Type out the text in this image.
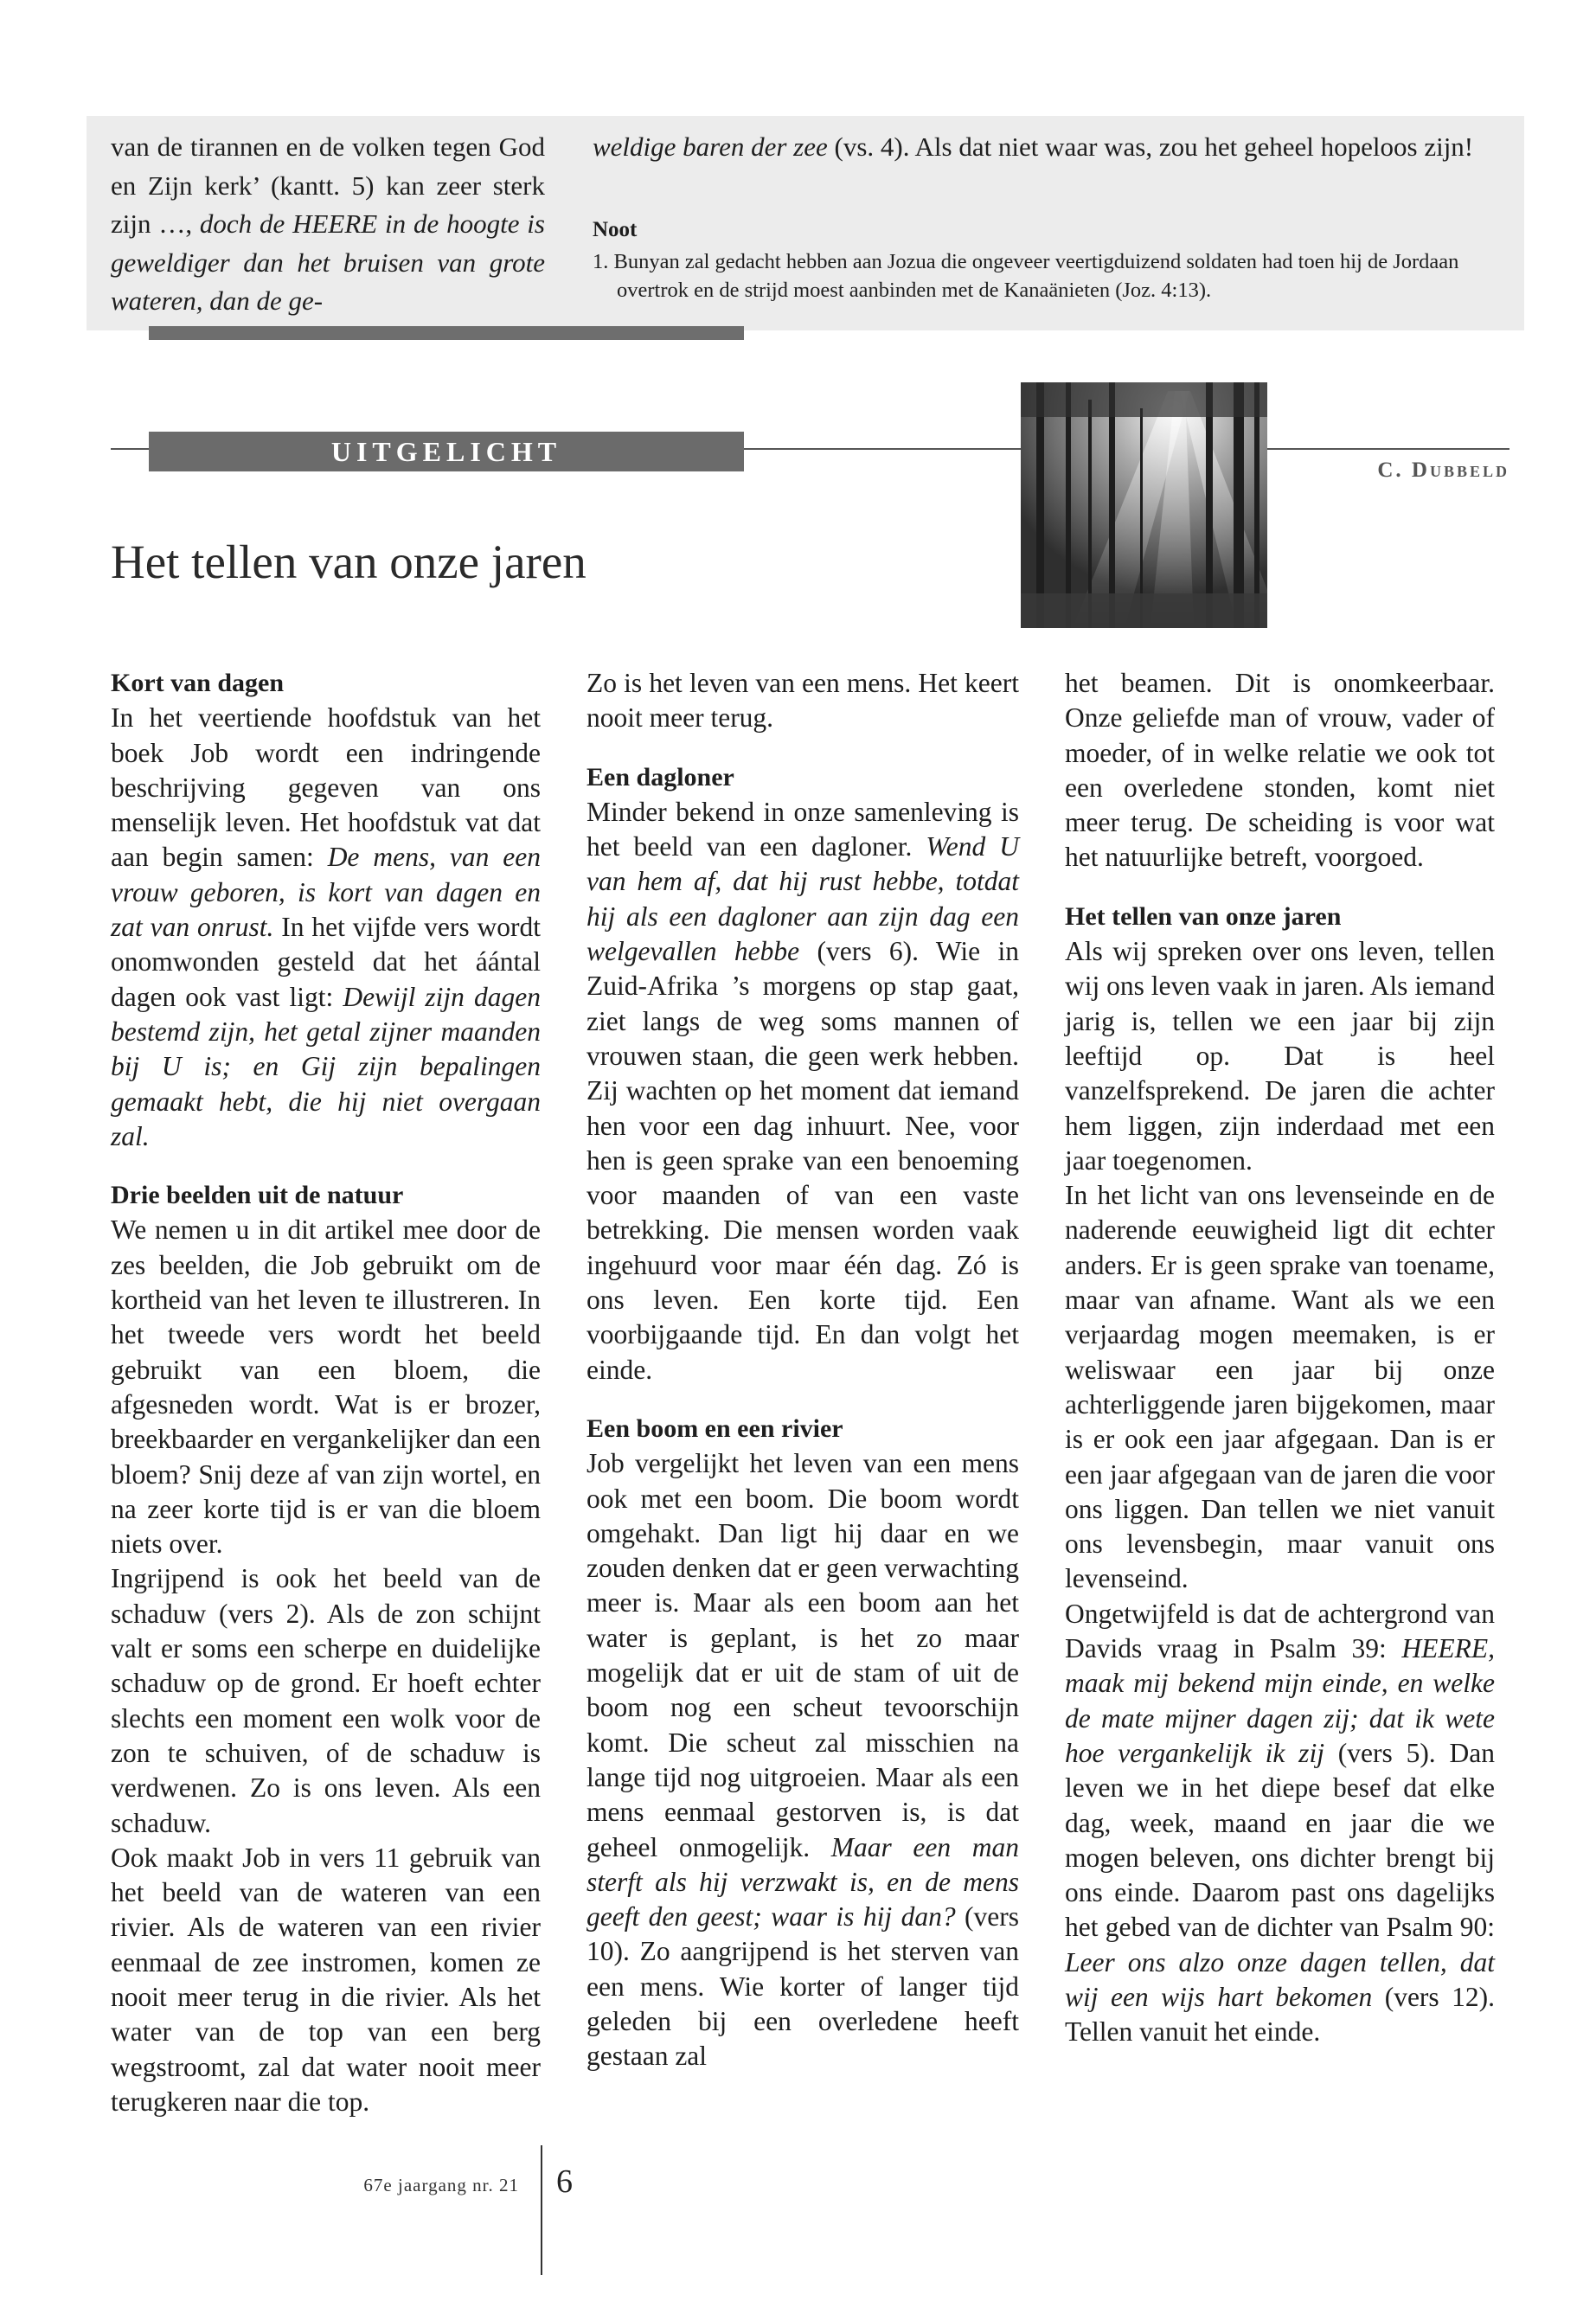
van de tirannen en de volken tegen God en Zijn kerk’ (kantt. 5) kan zeer sterk zijn …, doch de HEERE in de hoogte is geweldiger dan het bruisen van grote wateren, dan de ge-
weldige baren der zee (vs. 4). Als dat niet waar was, zou het geheel hopeloos zijn!
Noot
1. Bunyan zal gedacht hebben aan Jozua die ongeveer veertigduizend soldaten had toen hij de Jordaan overtrok en de strijd moest aanbinden met de Kanaänieten (Joz. 4:13).
UITGELICHT
C. Dubbeld
Het tellen van onze jaren
Kort van dagen

In het veertiende hoofdstuk van het boek Job wordt een indringende beschrijving gegeven van ons menselijk leven. Het hoofdstuk vat dat aan begin samen: De mens, van een vrouw geboren, is kort van dagen en zat van onrust. In het vijfde vers wordt onomwonden gesteld dat het áántal dagen ook vast ligt: Dewijl zijn dagen bestemd zijn, het getal zijner maanden bij U is; en Gij zijn bepalingen gemaakt hebt, die hij niet overgaan zal.

Drie beelden uit de natuur

We nemen u in dit artikel mee door de zes beelden, die Job gebruikt om de kortheid van het leven te illustreren. In het tweede vers wordt het beeld gebruikt van een bloem, die afgesneden wordt. Wat is er brozer, breekbaarder en vergankelijker dan een bloem? Snij deze af van zijn wortel, en na zeer korte tijd is er van die bloem niets over.

Ingrijpend is ook het beeld van de schaduw (vers 2). Als de zon schijnt valt er soms een scherpe en duidelijke schaduw op de grond. Er hoeft echter slechts een moment een wolk voor de zon te schuiven, of de schaduw is verdwenen. Zo is ons leven. Als een schaduw.

Ook maakt Job in vers 11 gebruik van het beeld van de wateren van een rivier. Als de wateren van een rivier eenmaal de zee instromen, komen ze nooit meer terug in die rivier. Als het water van de top van een berg wegstroomt, zal dat water nooit meer terugkeren naar die top.

Zo is het leven van een mens. Het keert nooit meer terug.

Een dagloner

Minder bekend in onze samenleving is het beeld van een dagloner. Wend U van hem af, dat hij rust hebbe, totdat hij als een dagloner aan zijn dag een welgevallen hebbe (vers 6). Wie in Zuid-Afrika ’s morgens op stap gaat, ziet langs de weg soms mannen of vrouwen staan, die geen werk hebben. Zij wachten op het moment dat iemand hen voor een dag inhuurt. Nee, voor hen is geen sprake van een benoeming voor maanden of van een vaste betrekking. Die mensen worden vaak ingehuurd voor maar één dag. Zó is ons leven. Een korte tijd. Een voorbijgaande tijd. En dan volgt het einde.

Een boom en een rivier

Job vergelijkt het leven van een mens ook met een boom. Die boom wordt omgehakt. Dan ligt hij daar en we zouden denken dat er geen verwachting meer is. Maar als een boom aan het water is geplant, is het zo maar mogelijk dat er uit de stam of uit de boom nog een scheut tevoorschijn komt. Die scheut zal misschien na lange tijd nog uitgroeien. Maar als een mens eenmaal gestorven is, is dat geheel onmogelijk. Maar een man sterft als hij verzwakt is, en de mens geeft den geest; waar is hij dan? (vers 10). Zo aangrijpend is het sterven van een mens. Wie korter of langer tijd geleden bij een overledene heeft gestaan zal

het beamen. Dit is onomkeerbaar. Onze geliefde man of vrouw, vader of moeder, of in welke relatie we ook tot een overledene stonden, komt niet meer terug. De scheiding is voor wat het natuurlijke betreft, voorgoed.

Het tellen van onze jaren

Als wij spreken over ons leven, tellen wij ons leven vaak in jaren. Als iemand jarig is, tellen we een jaar bij zijn leeftijd op. Dat is heel vanzelfsprekend. De jaren die achter hem liggen, zijn inderdaad met een jaar toegenomen.

In het licht van ons levenseinde en de naderende eeuwigheid ligt dit echter anders. Er is geen sprake van toename, maar van afname. Want als we een verjaardag mogen meemaken, is er weliswaar een jaar bij onze achterliggende jaren bijgekomen, maar is er ook een jaar afgegaan. Dan is er een jaar afgegaan van de jaren die voor ons liggen. Dan tellen we niet vanuit ons levensbegin, maar vanuit ons levenseind.

Ongetwijfeld is dat de achtergrond van Davids vraag in Psalm 39: HEERE, maak mij bekend mijn einde, en welke de mate mijner dagen zij; dat ik wete hoe vergankelijk ik zij (vers 5). Dan leven we in het diepe besef dat elke dag, week, maand en jaar die we mogen beleven, ons dichter brengt bij ons einde. Daarom past ons dagelijks het gebed van de dichter van Psalm 90: Leer ons alzo onze dagen tellen, dat wij een wijs hart bekomen (vers 12). Tellen vanuit het einde.

67e jaargang nr. 21 6
